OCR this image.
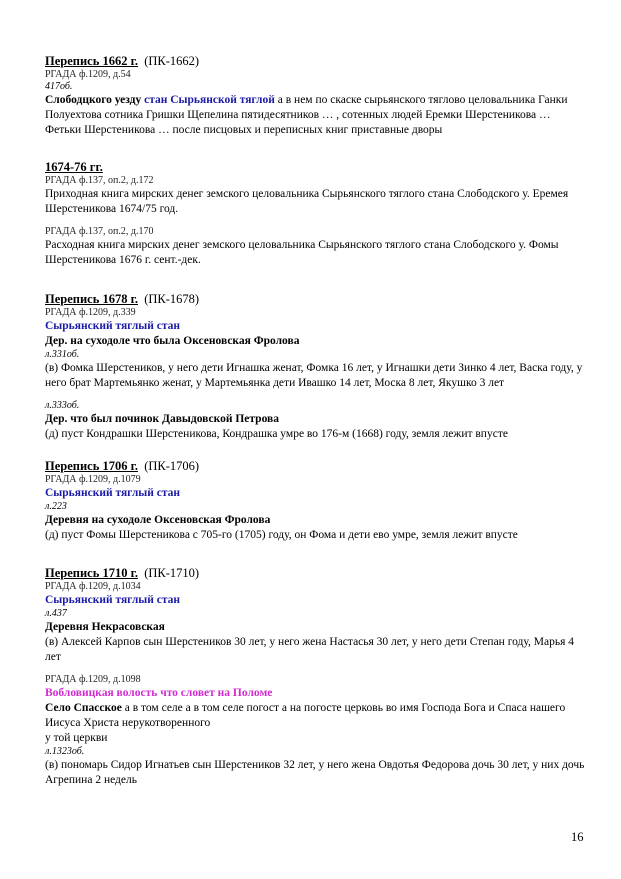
Перепись 1662 г. (ПК-1662)
РГАДА ф.1209, д.54
417об.
Слободцкого уезду стан Сырьянской тяглой а в нем по скаске сырьянского тяглово целовальника Ганки Полуехтова сотника Гришки Щепелина пятидесятников … , сотенных людей Еремки Шерстеникова … Фетьки Шерстеникова … после писцовых и переписных книг приставные дворы
1674-76 гг.
РГАДА ф.137, оп.2, д.172
Приходная книга мирских денег земского целовальника Сырьянского тяглого стана Слободского у. Еремея Шерстеникова 1674/75 год.
РГАДА ф.137, оп.2, д.170
Расходная книга мирских денег земского целовальника Сырьянского тяглого стана Слободского у. Фомы Шерстеникова 1676 г. сент.-дек.
Перепись 1678 г. (ПК-1678)
РГАДА ф.1209, д.339
Сырьянский тяглый стан
Дер. на суходоле что была Оксеновская Фролова
л.331об.
(в) Фомка Шерстеников, у него дети Игнашка женат, Фомка 16 лет, у Игнашки дети Зинко 4 лет, Васка году, у него брат Мартемьянко женат, у Мартемьянка дети Ивашко 14 лет, Моска 8 лет, Якушко 3 лет
л.333об.
Дер. что был починок Давыдовской Петрова
(д) пуст Кондрашки Шерстеникова, Кондрашка умре во 176-м (1668) году, земля лежит впусте
Перепись 1706 г. (ПК-1706)
РГАДА ф.1209, д.1079
Сырьянский тяглый стан
л.223
Деревня на суходоле Оксеновская Фролова
(д) пуст Фомы Шерстеникова с 705-го (1705) году, он Фома и дети ево умре, земля лежит впусте
Перепись 1710 г. (ПК-1710)
РГАДА ф.1209, д.1034
Сырьянский тяглый стан
л.437
Деревня Некрасовская
(в) Алексей Карпов сын Шерстеников 30 лет, у него жена Настасья 30 лет, у него дети Степан году, Марья 4 лет
РГАДА ф.1209, д.1098
Вобловицкая волость что словет на Поломе
Село Спасское а в том селе а в том селе погост а на погосте церковь во имя Господа Бога и Спаса нашего Иисуса Христа нерукотворенного
у той церкви
л.1323об.
(в) пономарь Сидор Игнатьев сын Шерстеников 32 лет, у него жена Овдотья Федорова дочь 30 лет, у них дочь Агрепина 2 недель
16
